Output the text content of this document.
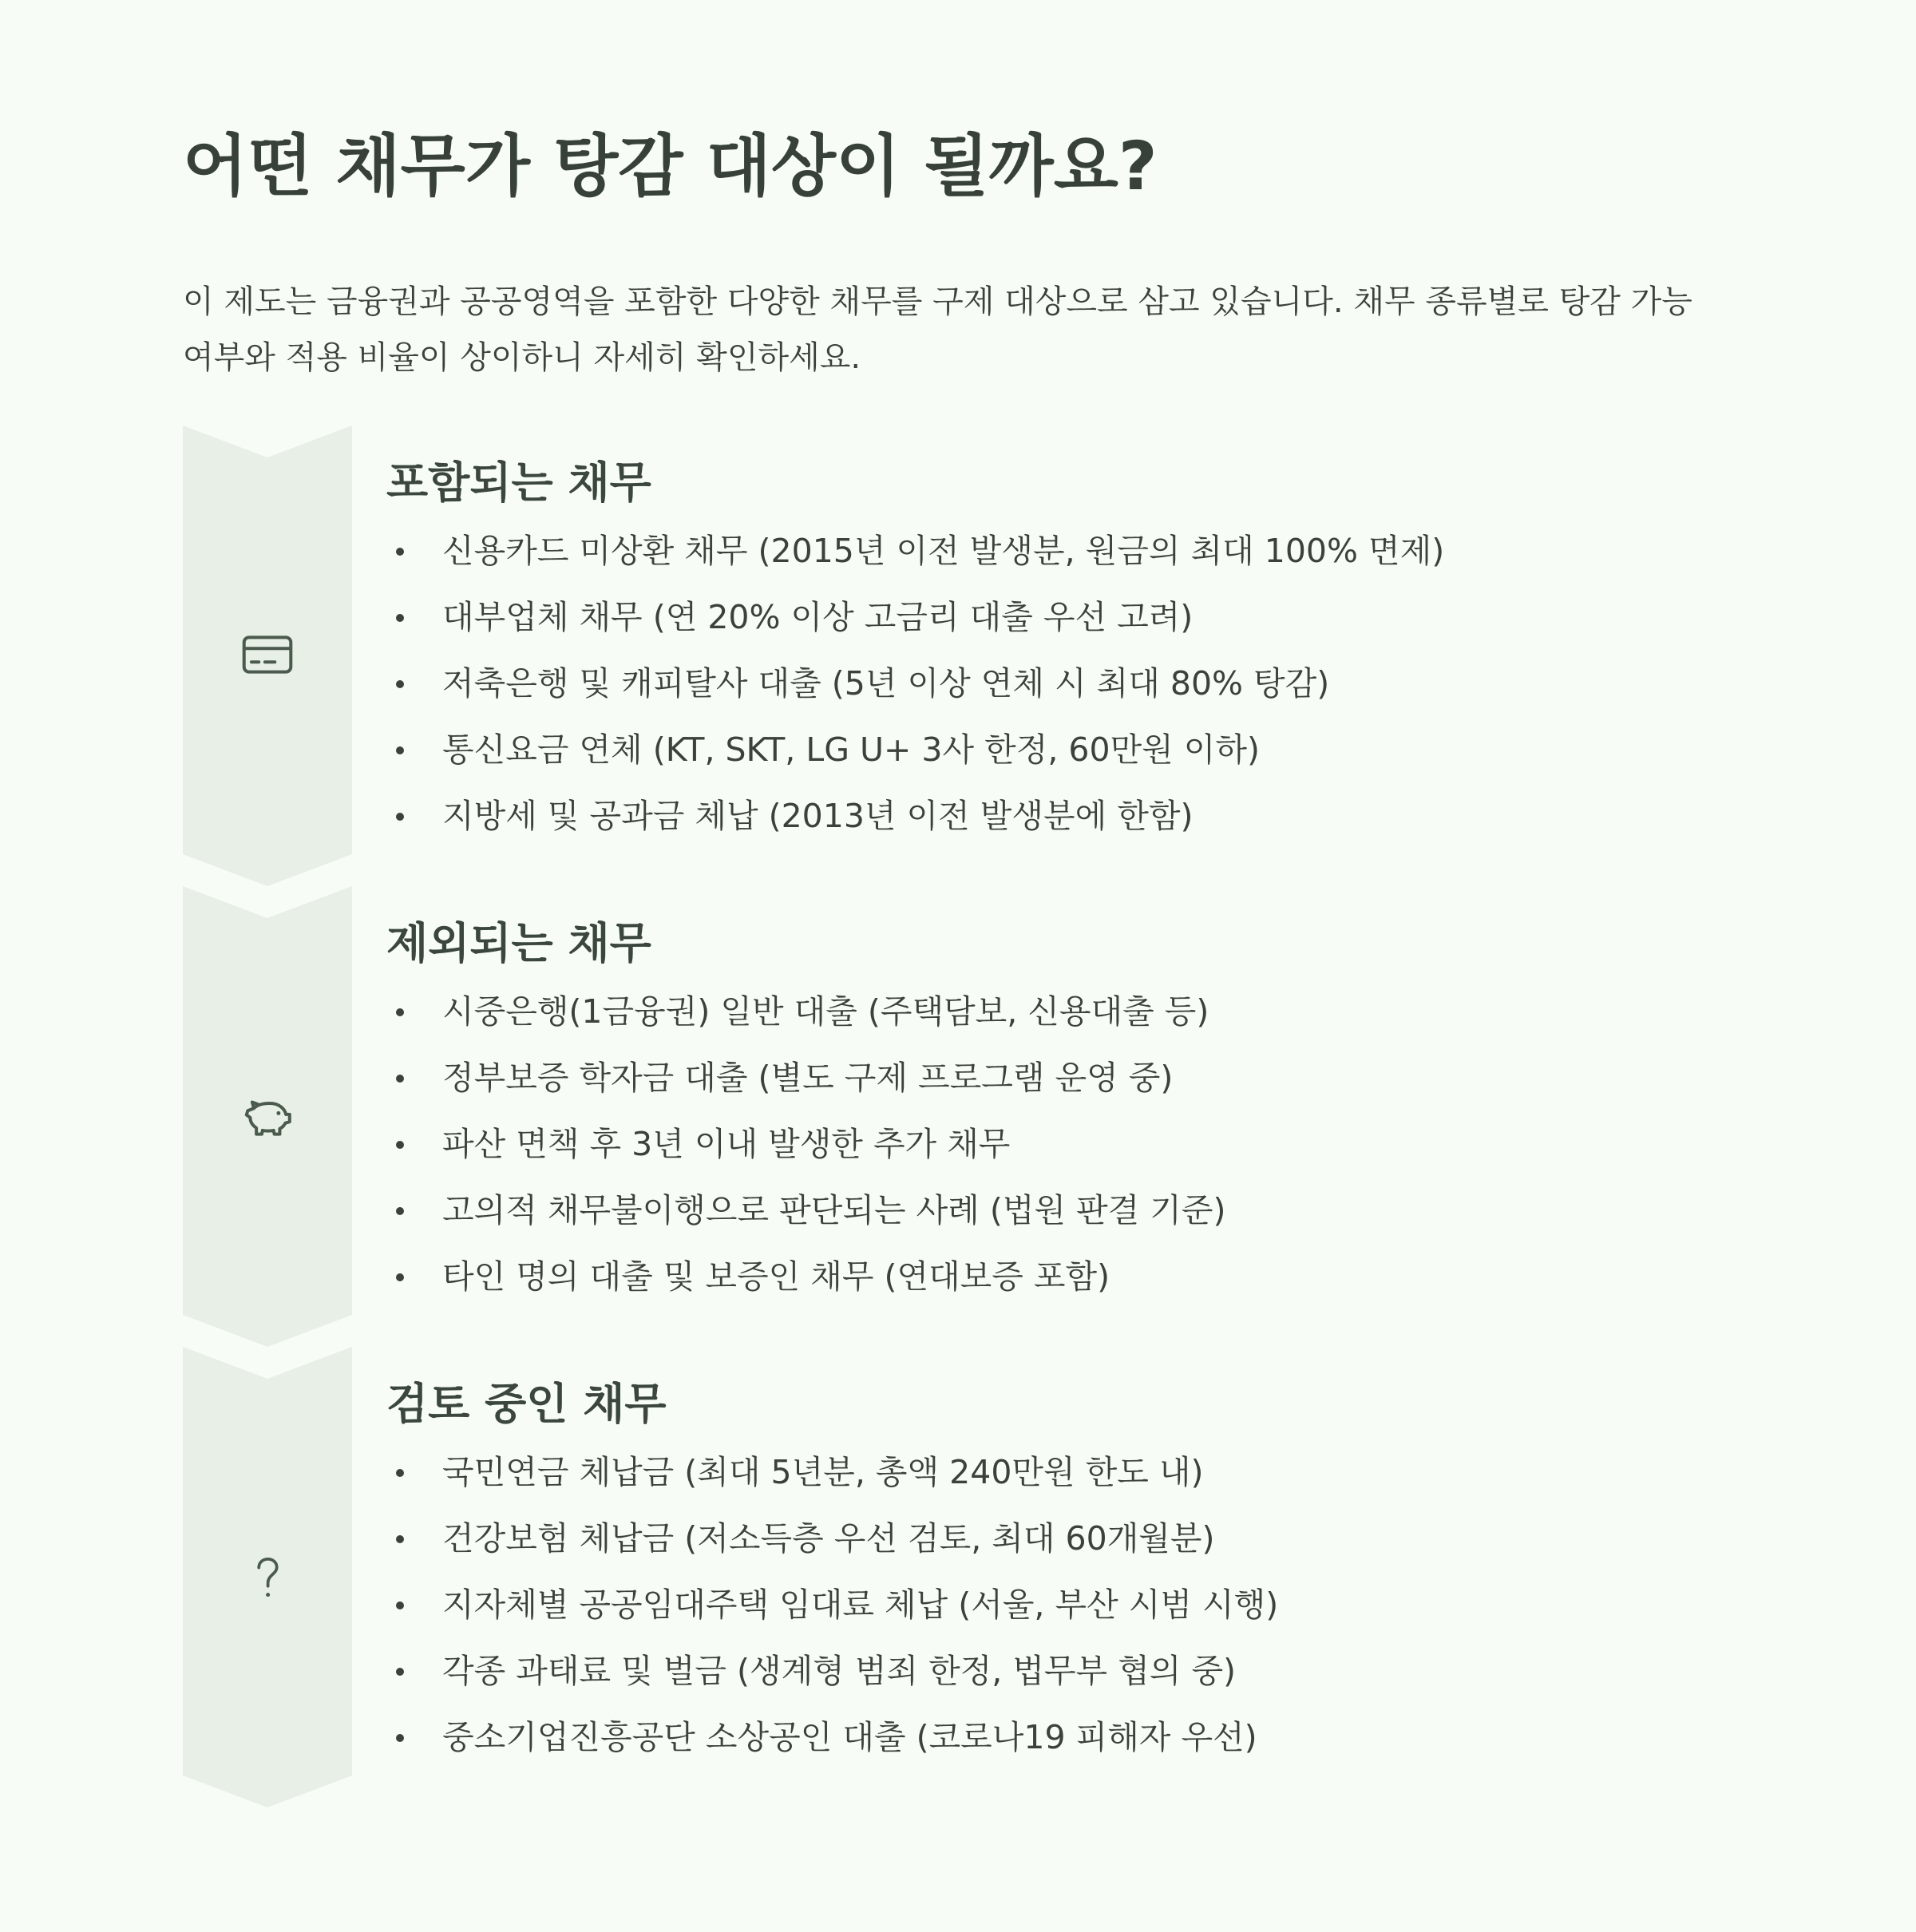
어떤 채무가 탕감 대상이 될까요?

이 제도는 금융권과 공공영역을 포함한 다양한 채무를 구제 대상으로 삼고 있습니다. 채무 종류별로 탕감 가능 여부와 적용 비율이 상이하니 자세히 확인하세요.

포함되는 채무
신용카드 미상환 채무 (2015년 이전 발생분, 원금의 최대 100% 면제)
대부업체 채무 (연 20% 이상 고금리 대출 우선 고려)
저축은행 및 캐피탈사 대출 (5년 이상 연체 시 최대 80% 탕감)
통신요금 연체 (KT, SKT, LG U+ 3사 한정, 60만원 이하)
지방세 및 공과금 체납 (2013년 이전 발생분에 한함)
제외되는 채무
시중은행(1금융권) 일반 대출 (주택담보, 신용대출 등)
정부보증 학자금 대출 (별도 구제 프로그램 운영 중)
파산 면책 후 3년 이내 발생한 추가 채무
고의적 채무불이행으로 판단되는 사례 (법원 판결 기준)
타인 명의 대출 및 보증인 채무 (연대보증 포함)
검토 중인 채무
국민연금 체납금 (최대 5년분, 총액 240만원 한도 내)
건강보험 체납금 (저소득층 우선 검토, 최대 60개월분)
지자체별 공공임대주택 임대료 체납 (서울, 부산 시범 시행)
각종 과태료 및 벌금 (생계형 범죄 한정, 법무부 협의 중)
중소기업진흥공단 소상공인 대출 (코로나19 피해자 우선)
